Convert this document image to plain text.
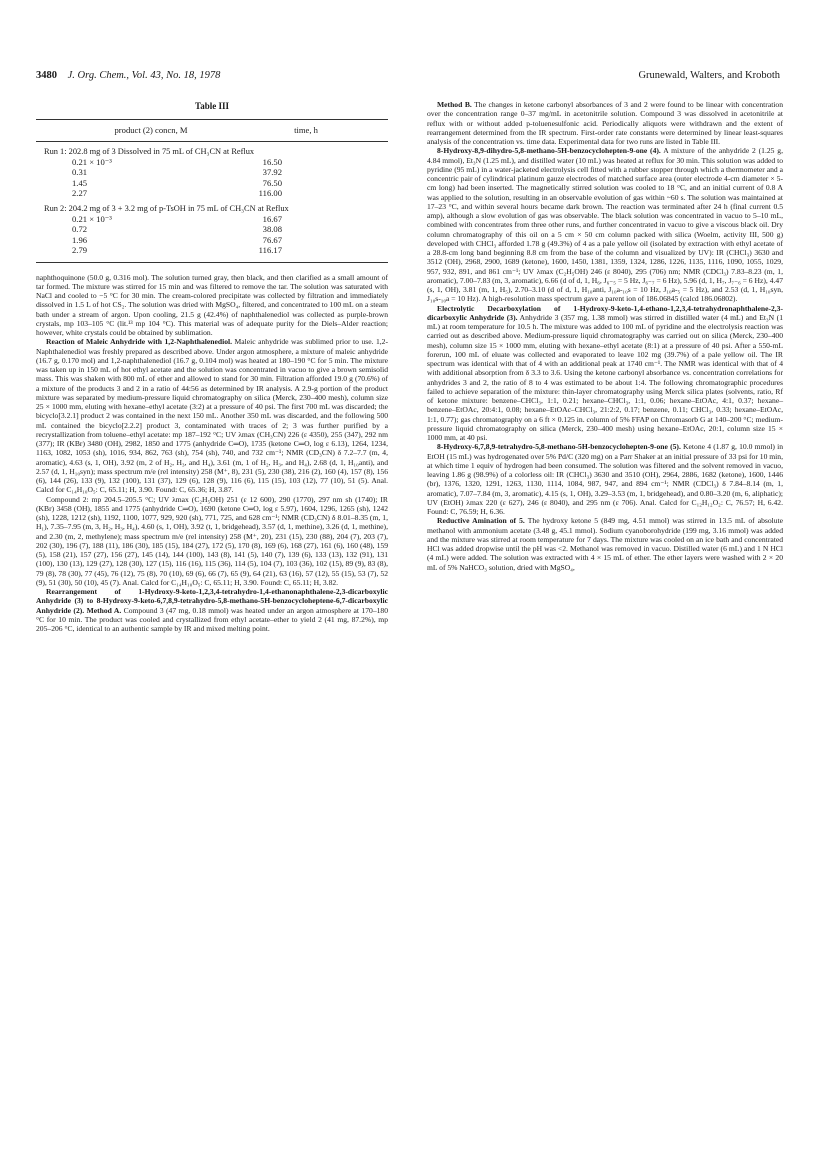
3480 J. Org. Chem., Vol. 43, No. 18, 1978	Grunewald, Walters, and Kroboth
Table III
product (2) concn, M	time, h
Run 1: 202.8 mg of 3 Dissolved in 75 mL of CH₃CN at Reflux
0.21 × 10⁻³	16.50
0.31	37.92
1.45	76.50
2.27	116.00
Run 2: 204.2 mg of 3 + 3.2 mg of p-TsOH in 75 mL of CH₃CN at Reflux
0.21 × 10⁻³	16.67
0.72	38.08
1.96	76.67
2.79	116.17

naphthoquinone (50.0 g, 0.316 mol). The solution turned gray, then black, and then clarified as a small amount of tar formed. The mixture was stirred for 15 min and was filtered to remove the tar. The solution was saturated with NaCl and cooled to −5 °C for 30 min. The cream-colored precipitate was collected by filtration and immediately dissolved in 1.5 L of hot CS₂. The solution was dried with MgSO₄, filtered, and concentrated to 100 mL on a steam bath under a stream of argon. Upon cooling, 21.5 g (42.4%) of naphthalenediol was collected as purple-brown crystals, mp 103–105 °C (lit.¹³ mp 104 °C). This material was of adequate purity for the Diels–Alder reaction; however, white crystals could be obtained by sublimation.

Reaction of Maleic Anhydride with 1,2-Naphthalenediol. Maleic anhydride was sublimed prior to use. 1,2-Naphthalenediol was freshly prepared as described above. Under argon atmosphere, a mixture of maleic anhydride (16.7 g, 0.170 mol) and 1,2-naphthalenediol (16.7 g, 0.104 mol) was heated at 180–190 °C for 5 min. The mixture was taken up in 150 mL of hot ethyl acetate and the solution was concentrated in vacuo to give a brown semisolid mass. This was shaken with 800 mL of ether and allowed to stand for 30 min. Filtration afforded 19.0 g (70.6%) of a mixture of the products 3 and 2 in a ratio of 44:56 as determined by IR analysis. A 2.9-g portion of the product mixture was separated by medium-pressure liquid chromatography on silica (Merck, 230–400 mesh), column size 25 × 1000 mm, eluting with hexane–ethyl acetate (3:2) at a pressure of 40 psi. The first 700 mL was discarded; the bicyclo[3.2.1] product 2 was contained in the next 150 mL. Another 350 mL was discarded, and the following 500 mL contained the bicyclo[2.2.2] product 3, contaminated with traces of 2; 3 was further purified by a recrystallization from toluene–ethyl acetate: mp 187–192 °C; UV λmax (CH₃CN) 226 (ε 4350), 255 (347), 292 nm (377); IR (KBr) 3480 (OH), 2982, 1850 and 1775 (anhydride C═O), 1735 (ketone C═O, log ε 6.13), 1264, 1234, 1163, 1082, 1053 (sh), 1016, 934, 862, 763 (sh), 754 (sh), 740, and 732 cm⁻¹; NMR (CD₃CN) δ 7.2–7.7 (m, 4, aromatic), 4.63 (s, 1, OH), 3.92 (m, 2 of H₂, H₃, and H₄), 3.61 (m, 1 of H₂, H₃, and H₄), 2.68 (d, 1, H₁₀anti), and 2.57 (d, 1, H₁₀syn); mass spectrum m/e (rel intensity) 258 (M⁺, 8), 231 (5), 230 (38), 216 (2), 160 (4), 157 (8), 156 (6), 144 (26), 133 (9), 132 (100), 131 (37), 129 (6), 128 (9), 116 (6), 115 (15), 103 (12), 77 (10), 51 (5). Anal. Calcd for C₁₄H₁₀O₅: C, 65.11; H, 3.90. Found: C, 65.36; H, 3.87.

Compound 2: mp 204.5–205.5 °C; UV λmax (C₂H₅OH) 251 (ε 12 600), 290 (1770), 297 nm sh (1740); IR (KBr) 3458 (OH), 1855 and 1775 (anhydride C═O), 1690 (ketone C═O, log ε 5.97), 1604, 1296, 1265 (sh), 1242 (sh), 1228, 1212 (sh), 1192, 1100, 1077, 929, 920 (sh), 771, 725, and 628 cm⁻¹; NMR (CD₃CN) δ 8.01–8.35 (m, 1, H₁), 7.35–7.95 (m, 3, H₂, H₃, H₄), 4.60 (s, 1, OH), 3.92 (t, 1, bridgehead), 3.57 (d, 1, methine), 3.26 (d, 1, methine), and 2.30 (m, 2, methylene); mass spectrum m/e (rel intensity) 258 (M⁺, 20), 231 (15), 230 (88), 204 (7), 203 (7), 202 (30), 196 (7), 188 (11), 186 (30), 185 (15), 184 (27), 172 (5), 170 (8), 169 (6), 168 (27), 161 (6), 160 (48), 159 (5), 158 (21), 157 (27), 156 (27), 145 (14), 144 (100), 143 (8), 141 (5), 140 (7), 139 (6), 133 (13), 132 (91), 131 (100), 130 (13), 129 (27), 128 (30), 127 (15), 116 (16), 115 (36), 114 (5), 104 (7), 103 (36), 102 (15), 89 (9), 83 (8), 79 (8), 78 (30), 77 (45), 76 (12), 75 (8), 70 (10), 69 (6), 66 (7), 65 (9), 64 (21), 63 (16), 57 (12), 55 (15), 53 (7), 52 (9), 51 (30), 50 (10), 45 (7). Anal. Calcd for C₁₄H₁₀O₅: C, 65.11; H, 3.90. Found: C, 65.11; H, 3.82.

Rearrangement of 1-Hydroxy-9-keto-1,2,3,4-tetrahydro-1,4-ethanonaphthalene-2,3-dicarboxylic Anhydride (3) to 8-Hydroxy-9-keto-6,7,8,9-tetrahydro-5,8-methano-5H-benzocycloheptene-6,7-dicarboxylic Anhydride (2). Method A. Compound 3 (47 mg, 0.18 mmol) was heated under an argon atmosphere at 170–180 °C for 10 min. The product was cooled and crystallized from ethyl acetate–ether to yield 2 (41 mg, 87.2%), mp 205–206 °C, identical to an authentic sample by IR and mixed melting point.

Method B. The changes in ketone carbonyl absorbances of 3 and 2 were found to be linear with concentration over the concentration range 0–37 mg/mL in acetonitrile solution. Compound 3 was dissolved in acetonitrile at reflux with or without added p-toluenesulfonic acid. Periodically aliquots were withdrawn and the extent of rearrangement determined from the IR spectrum. First-order rate constants were determined by linear least-squares analysis of the concentration vs. time data. Experimental data for two runs are listed in Table III.

8-Hydroxy-8,9-dihydro-5,8-methano-5H-benzocyclohepten-9-one (4). A mixture of the anhydride 2 (1.25 g, 4.84 mmol), Et₃N (1.25 mL), and distilled water (10 mL) was heated at reflux for 30 min. This solution was added to pyridine (95 mL) in a water-jacketed electrolysis cell fitted with a rubber stopper through which a thermometer and a concentric pair of cylindrical platinum gauze electrodes of matched surface area (outer electrode 4-cm diameter × 5-cm long) had been inserted. The magnetically stirred solution was cooled to 18 °C, and an initial current of 0.8 A was applied to the solution, resulting in an observable evolution of gas within ~60 s. The solution was maintained at 17–23 °C, and within several hours became dark brown. The reaction was terminated after 24 h (final current 0.5 amp), although a slow evolution of gas was observable. The black solution was concentrated in vacuo to 5–10 mL, combined with concentrates from three other runs, and further concentrated in vacuo to give a viscous black oil. Dry column chromatography of this oil on a 5 cm × 50 cm column packed with silica (Woelm, activity III, 500 g) developed with CHCl₃ afforded 1.78 g (49.3%) of 4 as a pale yellow oil (isolated by extraction with ethyl acetate of a 28.8-cm long band beginning 8.8 cm from the base of the column and visualized by UV): IR (CHCl₃) 3630 and 3512 (OH), 2968, 2900, 1689 (ketone), 1600, 1450, 1381, 1359, 1324, 1286, 1226, 1135, 1116, 1090, 1055, 1029, 957, 932, 891, and 861 cm⁻¹; UV λmax (C₂H₅OH) 246 (ε 8040), 295 (706) nm; NMR (CDCl₃) 7.83–8.23 (m, 1, aromatic), 7.00–7.83 (m, 3, aromatic), 6.66 (d of d, 1, H₆, J₆₋₅ = 5 Hz, J₆₋₇ = 6 Hz), 5.96 (d, 1, H₇, J₇₋₆ = 6 Hz), 4.47 (s, 1, OH), 3.81 (m, 1, H₅), 2.70–3.10 (d of d, 1, H₁₀anti, J₁₀a-₁₀s = 10 Hz, J₁₀a-₅ = 5 Hz), and 2.53 (d, 1, H₁₀syn, J₁₀s-₁₀a = 10 Hz). A high-resolution mass spectrum gave a parent ion of 186.06845 (calcd 186.06802).

Electrolytic Decarboxylation of 1-Hydroxy-9-keto-1,4-ethano-1,2,3,4-tetrahydronaphthalene-2,3-dicarboxylic Anhydride (3). Anhydride 3 (357 mg, 1.38 mmol) was stirred in distilled water (4 mL) and Et₃N (1 mL) at room temperature for 10.5 h. The mixture was added to 100 mL of pyridine and the electrolysis reaction was carried out as described above. Medium-pressure liquid chromatography was carried out on silica (Merck, 230–400 mesh), column size 15 × 1000 mm, eluting with hexane–ethyl acetate (8:1) at a pressure of 40 psi. After a 550-mL forerun, 100 mL of eluate was collected and evaporated to leave 102 mg (39.7%) of a pale yellow oil. The IR spectrum was identical with that of 4 with an additional peak at 1740 cm⁻¹. The NMR was identical with that of 4 with additional absorption from δ 3.3 to 3.6. Using the ketone carbonyl absorbance vs. concentration correlations for anhydrides 3 and 2, the ratio of 8 to 4 was estimated to be about 1:4. The following chromatographic procedures failed to achieve separation of the mixture: thin-layer chromatography using Merck silica plates (solvents, ratio, Rf of ketone mixture: benzene–CHCl₃, 1:1, 0.21; hexane–CHCl₃, 1:1, 0.06; hexane–EtOAc, 4:1, 0.37; hexane–benzene–EtOAc, 20:4:1, 0.08; hexane–EtOAc–CHCl₃, 21:2:2, 0.17; benzene, 0.11; CHCl₃, 0.33; hexane–EtOAc, 1:1, 0.77); gas chromatography on a 6 ft × 0.125 in. column of 5% FFAP on Chromasorb G at 140–200 °C; medium-pressure liquid chromatography on silica (Merck, 230–400 mesh) using hexane–EtOAc, 20:1, column size 15 × 1000 mm, at 40 psi.

8-Hydroxy-6,7,8,9-tetrahydro-5,8-methano-5H-benzocyclohepten-9-one (5). Ketone 4 (1.87 g, 10.0 mmol) in EtOH (15 mL) was hydrogenated over 5% Pd/C (320 mg) on a Parr Shaker at an initial pressure of 33 psi for 10 min, at which time 1 equiv of hydrogen had been consumed. The solution was filtered and the solvent removed in vacuo, leaving 1.86 g (98.9%) of a colorless oil: IR (CHCl₃) 3630 and 3510 (OH), 2964, 2886, 1682 (ketone), 1600, 1446 (br), 1376, 1320, 1291, 1263, 1130, 1114, 1084, 987, 947, and 894 cm⁻¹; NMR (CDCl₃) δ 7.84–8.14 (m, 1, aromatic), 7.07–7.84 (m, 3, aromatic), 4.15 (s, 1, OH), 3.29–3.53 (m, 1, bridgehead), and 0.80–3.20 (m, 6, aliphatic); UV (EtOH) λmax 220 (ε 627), 246 (ε 8040), and 295 nm (ε 706). Anal. Calcd for C₁₂H₁₂O₂: C, 76.57; H, 6.42. Found: C, 76.59; H, 6.36.

Reductive Amination of 5. The hydroxy ketone 5 (849 mg, 4.51 mmol) was stirred in 13.5 mL of absolute methanol with ammonium acetate (3.48 g, 45.1 mmol). Sodium cyanoborohydride (199 mg, 3.16 mmol) was added and the mixture was stirred at room temperature for 7 days. The mixture was cooled on an ice bath and concentrated HCl was added dropwise until the pH was <2. Methanol was removed in vacuo. Distilled water (6 mL) and 1 N HCl (4 mL) were added. The solution was extracted with 4 × 15 mL of ether. The ether layers were washed with 2 × 20 mL of 5% NaHCO₃ solution, dried with MgSO₄,
